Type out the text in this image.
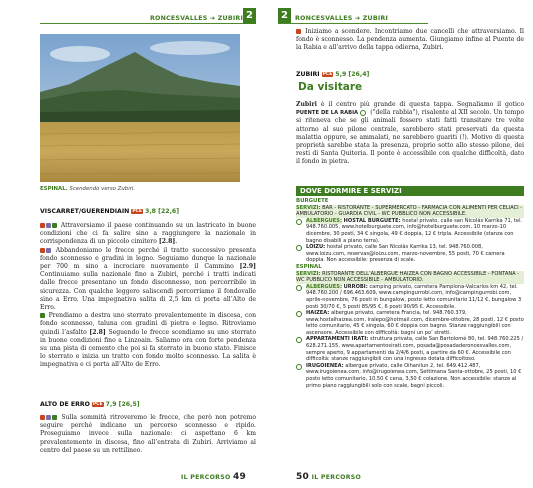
RONCESVALLES ➔ ZUBIRI 2
ESPINAL. Scendendo verso Zubiri.
VISCARRET/GUERENDIAIN PCE 3,8 [22,6]
Attraversiamo il paese continuando su un lastricato in buone condizioni che ci fa salire sino a raggiungere la nazionale in corrispondenza di un piccolo cimitero [2.8].
Abbandoniamo le frecce perché il tratto successivo presenta fondo sconnesso e gradini in legno. Seguiamo dunque la nazionale per 700 m sino a incrociare nuovamente il Cammino [2.9] Continuiamo sulla nazionale fino a Zubiri, perché i tratti indicati dalle frecce presentano un fondo disconnesso, non percorribile in sicurezza. Con qualche leggero saliscendi percorriamo il fondovalle sino a Erro. Una impegnativa salita di 2,5 km ci porta all’Alto de Erro.
Prendiamo a destra uno sterrato prevalentemente in discesa, con fondo sconnesso, taluna con gradini di pietra e legno. Ritroviamo quindi l’asfalto [2.8] Seguendo le frecce scendiamo su uno sterrato in buone condizioni fino a Linzoain. Saliamo ora con forte pendenza su una pista di cemento che poi si fa sterrato in buono stato. Finisce lo sterrato e inizia un tratto con fondo molto sconnesso. La salita è impegnativa e ci porta all’Alto de Erro.
ALTO DE ERRO PCE 7,9 [26,5]
Sulla sommità ritroveremo le frecce, che però non potremo seguire perché indicano un percorso sconnesso e ripido. Proseguiamo invece sulla nazionale: ci aspettano 6 km prevalentemente in discesa, fino all’entrata di Zubiri. Arriviamo al centro del paese su un rettilineo.
IL PERCORSO 49
2	RONCESVALLES ➔ ZUBIRI
Iniziamo a scendere. Incontriamo due cancelli che attraversiamo. Il fondo è sconnesso. La pendenza aumenta. Giungiamo infine al Puente de la Rabia e all’arrivo della tappa odierna, Zubiri.
ZUBIRI PCE 5,9 [26,4]
Da visitare
Zubiri è il centro più grande di questa tappa. Segnaliamo il gotico PUENTE DE LA RABIA ("della rabbia"), risalente al XII secolo. Un tempo si riteneva che se gli animali fossero stati fatti transitare tre volte attorno al suo pilone centrale, sarebbero stati preservati da questa malattia oppure, se ammalati, ne sarebbero guariti (!). Motivo di questa proprietà sarebbe stata la presenza, proprio sotto allo stesso pilone, dei resti di Santa Quiteria. Il ponte è accessibile con qualche difficoltà, dato il fondo in pietra.
DOVE DORMIRE E SERVIZI
BURGUETE
SERVIZI: BAR - RISTORANTE - SUPERMERCATO - FARMACIA CON ALIMENTI PER CELIACI - AMBULATORIO - GUARDIA CIVIL - WC PUBBLICO NON ACCESSIBILE.
ALBERGUES: HOSTAL BURGUETE: hostal privato, calle san Nicolás Karrika 71, tel. 948.760.005, www.hotelburguete.com, info@hotelburguete.com, 10 marzo-10 dicembre, 30 posti, 34 € singola, 49 € doppia, 12 € tripla. Accessibile (stanza con bagno disabili a piano terra).
LOIZU: hostal privato, calle San Nicolás Karrika 13, tel. 948.760.008, www.loizu.com, reservas@loizu.com, marzo-novembre, 55 posti, 70 € camera doppia. Non accessibile: presenza di scale.
ESPINAL
SERVIZI: RISTORANTE DELL’ALBERGUE HAIZEA CON BAGNO ACCESSIBILE - FONTANA - WC PUBBLICO NON ACCESSIBILE - AMBULATORIO.
ALBERGUES: URROBI: camping privato, carretera Pamplona-Valcarlos km 42, tel. 948.760.200 / 696.463.609, www.campingurrobi.com, info@campingurrobi.com, aprile-novembre, 76 posti in bungalow, posto letto comunitario 11/12 €, bungalow 3 posti 30/70 €, 5 posti 85/95 €, 6 posti 90/95 €. Accessibile.
HAIZEA: albergue privato, carretera Francia, tel. 948.760.379, www.hostalhaizea.com, iralepo@hotmail.com, dicembre-ottobre, 28 posti, 12 € posto letto comunitario, 45 € singola, 60 € doppia con bagno. Stanze raggiungibili con ascensore. Accessibile con difficoltà: bagni un po’ stretti.
APPARTAMENTI IRATI: struttura privata, calle San Bartolomé 80, tel. 948.760.225 / 628.271.155, www.apartamentosirati.com, posada@posadaderoncesvalles.com, sempre aperto, 9 appartamenti da 2/4/6 posti, a partire da 60 €. Accessibile con difficoltà: stanze raggiungibili con una ingresso dotata difficoltoso.
IRUGOIENEA: albergue privato, calle Oihanilun 2, tel. 649.412.487, www.irugoienea.com, info@irugoienea.com, Settimana Santa-ottobre, 25 posti, 10 € posto letto comunitario, 10,50 € cena, 3,50 € colazione. Non accessibile: stanze al primo piano raggiungibili solo con scale, bagni piccoli.
50 IL PERCORSO
